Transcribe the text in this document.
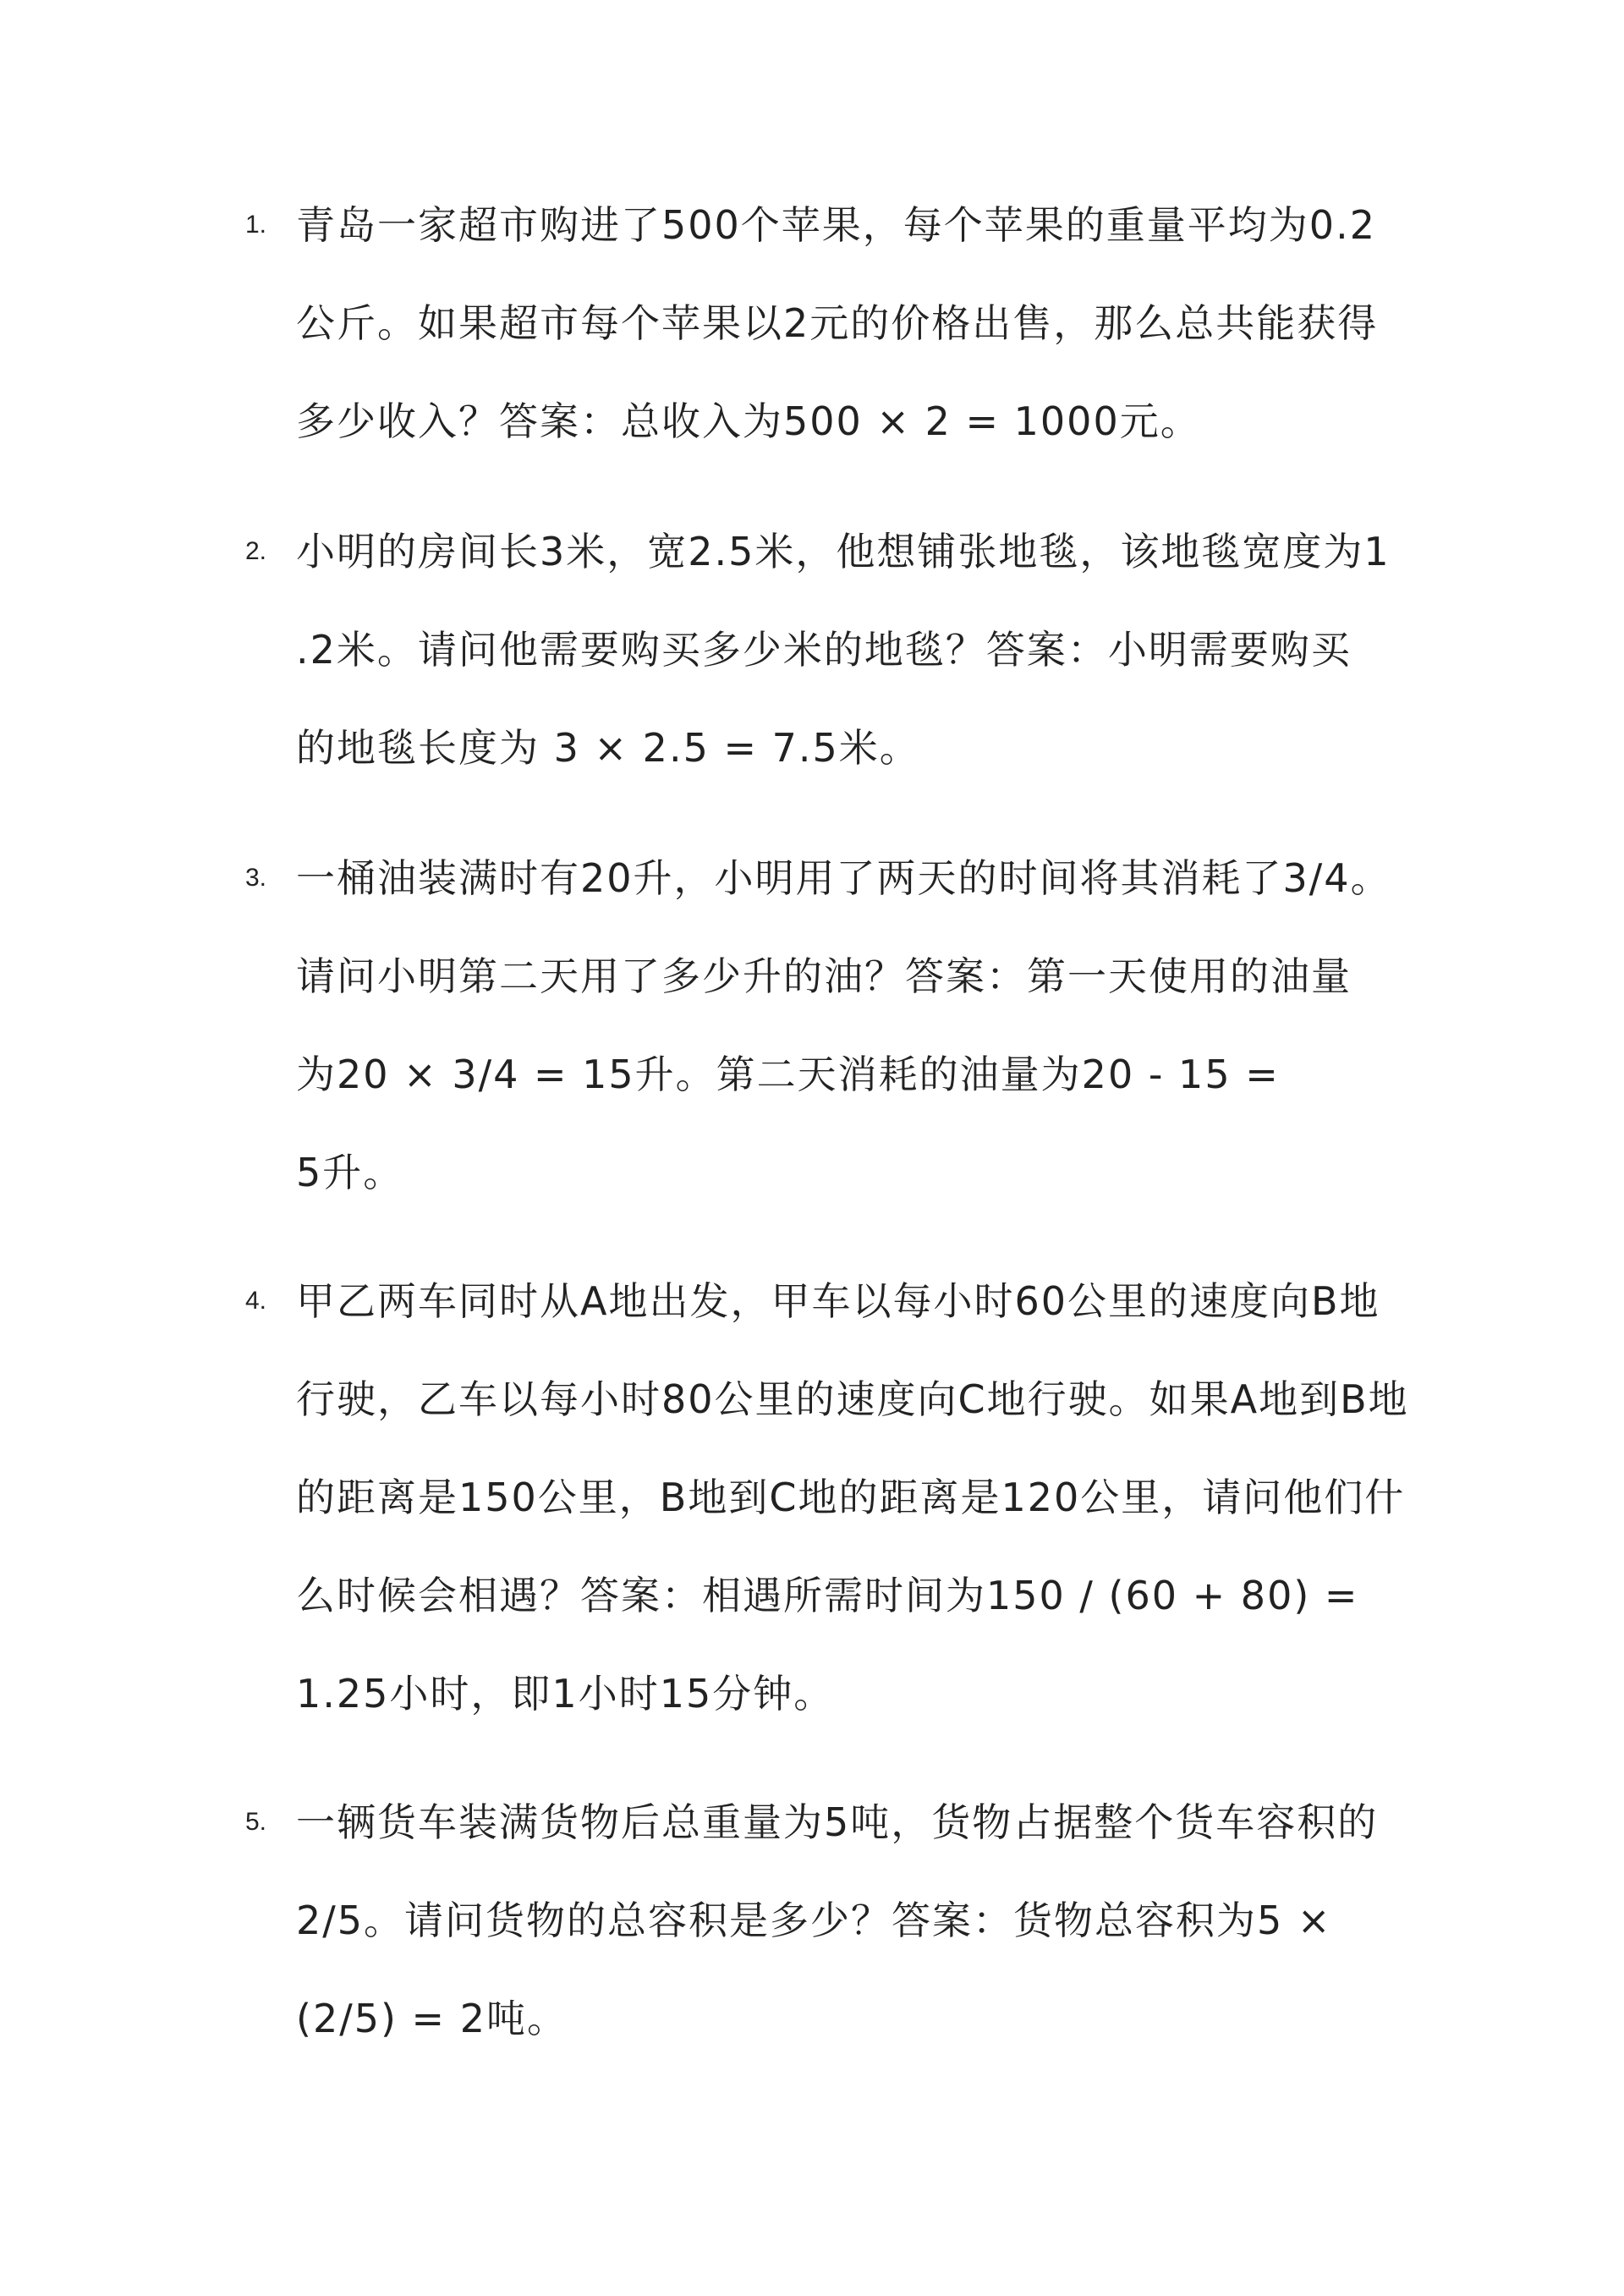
1. 青岛一家超市购进了500个苹果，每个苹果的重量平均为0.2
公斤。如果超市每个苹果以2元的价格出售，那么总共能获得
多少收入？答案：总收入为500 × 2 = 1000元。
2. 小明的房间长3米，宽2.5米，他想铺张地毯，该地毯宽度为1
.2米。请问他需要购买多少米的地毯？答案：小明需要购买
的地毯长度为 3 × 2.5 = 7.5米。
3. 一桶油装满时有20升，小明用了两天的时间将其消耗了3/4。
请问小明第二天用了多少升的油？答案：第一天使用的油量
为20 × 3/4 = 15升。第二天消耗的油量为20 - 15 =
5升。
4. 甲乙两车同时从A地出发，甲车以每小时60公里的速度向B地
行驶，乙车以每小时80公里的速度向C地行驶。如果A地到B地
的距离是150公里，B地到C地的距离是120公里，请问他们什
么时候会相遇？答案：相遇所需时间为150 / (60 + 80) =
1.25小时，即1小时15分钟。
5. 一辆货车装满货物后总重量为5吨，货物占据整个货车容积的
2/5。请问货物的总容积是多少？答案：货物总容积为5 ×
(2/5) = 2吨。
